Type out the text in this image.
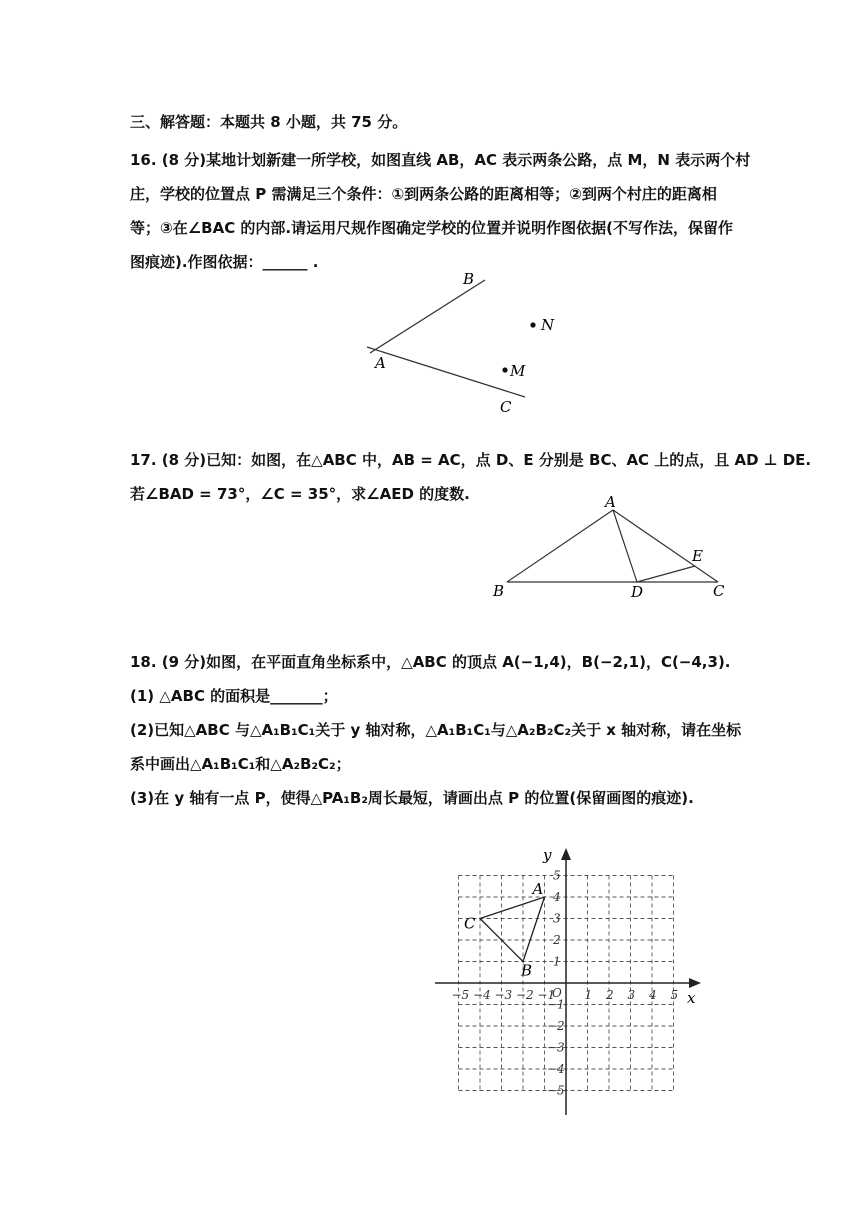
三、解答题：本题共 8 小题，共 75 分。
16. (8 分)某地计划新建一所学校，如图直线 AB，AC 表示两条公路，点 M，N 表示两个村
庄，学校的位置点 P 需满足三个条件：①到两条公路的距离相等；②到两个村庄的距离相
等；③在∠BAC 的内部.请运用尺规作图确定学校的位置并说明作图依据(不写作法，保留作
图痕迹).作图依据：______ .
B
A
C
N
M
17. (8 分)已知：如图，在△ABC 中，AB = AC，点 D、E 分别是 BC、AC 上的点，且 AD ⊥ DE.
若∠BAD = 73°，∠C = 35°，求∠AED 的度数.	A
B	C
D
E
18. (9 分)如图，在平面直角坐标系中，△ABC 的顶点 A(−1,4)，B(−2,1)，C(−4,3).
(1) △ABC 的面积是_______；
(2)已知△ABC 与△A₁B₁C₁关于 y 轴对称，△A₁B₁C₁与△A₂B₂C₂关于 x 轴对称，请在坐标
系中画出△A₁B₁C₁和△A₂B₂C₂；
(3)在 y 轴有一点 P，使得△PA₁B₂周长最短，请画出点 P 的位置(保留画图的痕迹).
x
y
O
−5 −4 −3 −2 −1 1 2 3 4 5
5
4
3
2
1
−1
−2
−3
−4
−5
A
B
C
